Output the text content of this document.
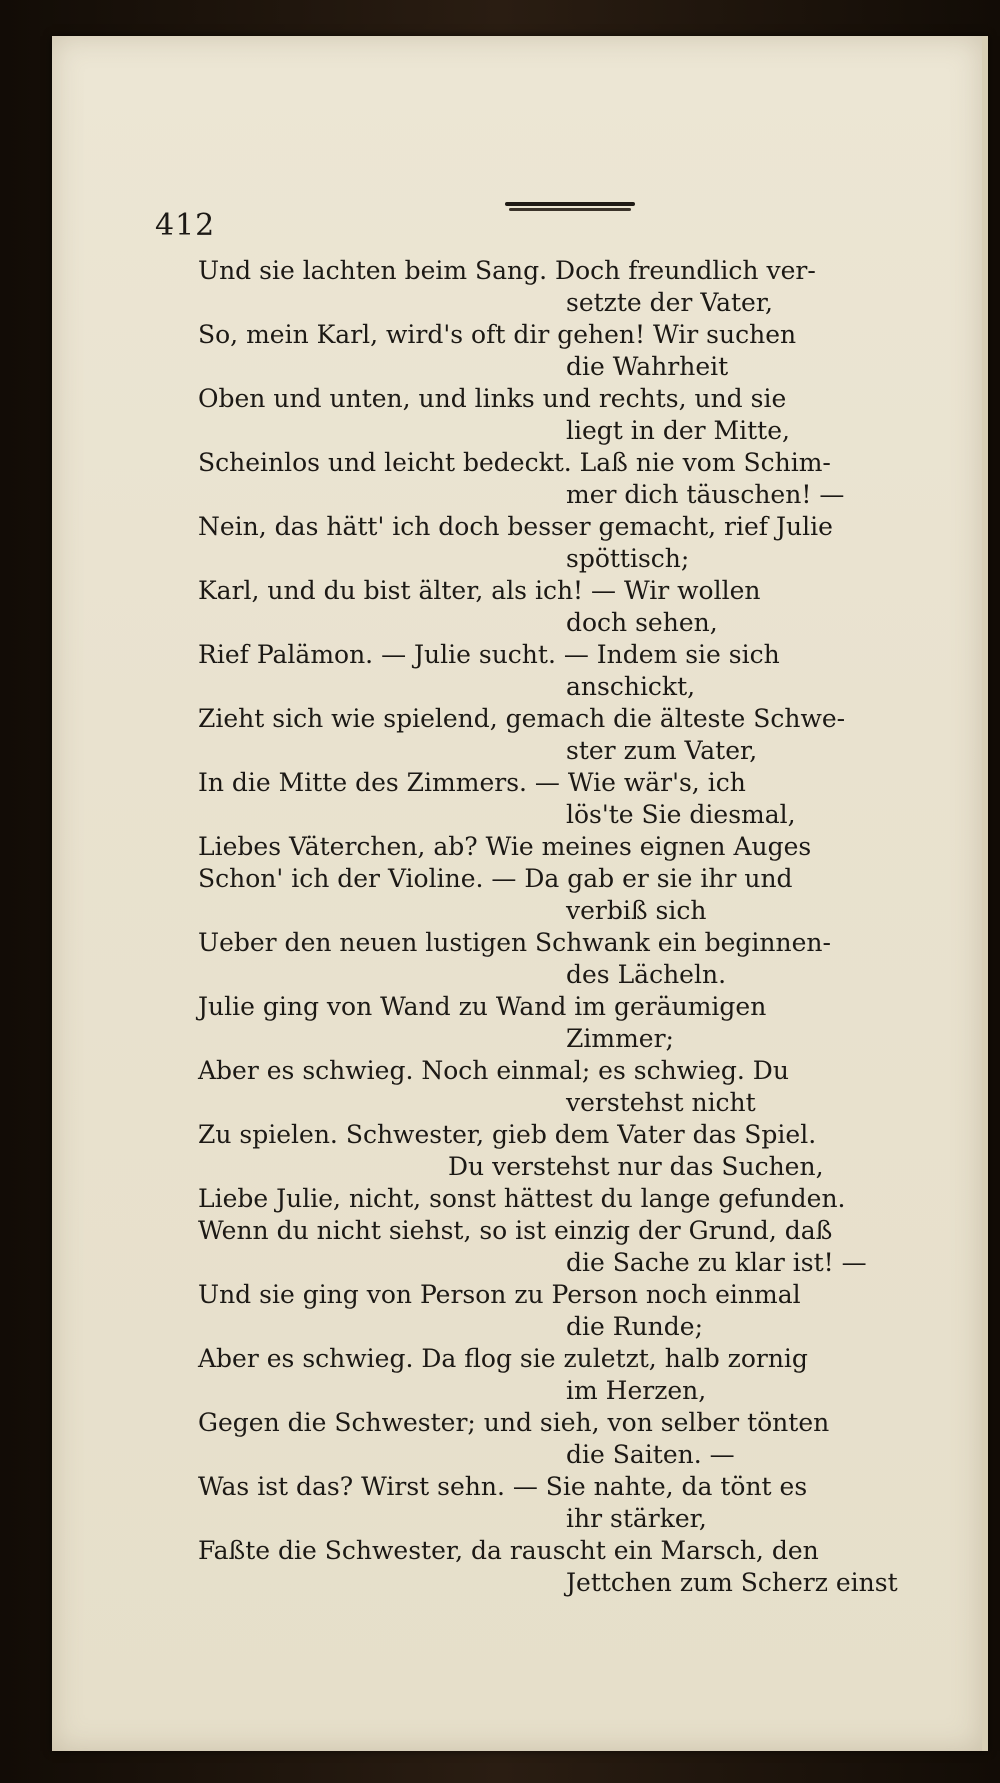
412
Und sie lachten beim Sang. Doch freundlich ver-
setzte der Vater,
So, mein Karl, wird's oft dir gehen! Wir suchen
die Wahrheit
Oben und unten, und links und rechts, und sie
liegt in der Mitte,
Scheinlos und leicht bedeckt. Laß nie vom Schim-
mer dich täuschen! —
Nein, das hätt' ich doch besser gemacht, rief Julie
spöttisch;
Karl, und du bist älter, als ich! — Wir wollen
doch sehen,
Rief Palämon. — Julie sucht. — Indem sie sich
anschickt,
Zieht sich wie spielend, gemach die älteste Schwe-
ster zum Vater,
In die Mitte des Zimmers. — Wie wär's, ich
lös'te Sie diesmal,
Liebes Väterchen, ab? Wie meines eignen Auges
Schon' ich der Violine. — Da gab er sie ihr und
verbiß sich
Ueber den neuen lustigen Schwank ein beginnen-
des Lächeln.
Julie ging von Wand zu Wand im geräumigen
Zimmer;
Aber es schwieg. Noch einmal; es schwieg. Du
verstehst nicht
Zu spielen. Schwester, gieb dem Vater das Spiel.
Du verstehst nur das Suchen,
Liebe Julie, nicht, sonst hättest du lange gefunden.
Wenn du nicht siehst, so ist einzig der Grund, daß
die Sache zu klar ist! —
Und sie ging von Person zu Person noch einmal
die Runde;
Aber es schwieg. Da flog sie zuletzt, halb zornig
im Herzen,
Gegen die Schwester; und sieh, von selber tönten
die Saiten. —
Was ist das? Wirst sehn. — Sie nahte, da tönt es
ihr stärker,
Faßte die Schwester, da rauscht ein Marsch, den
Jettchen zum Scherz einst
